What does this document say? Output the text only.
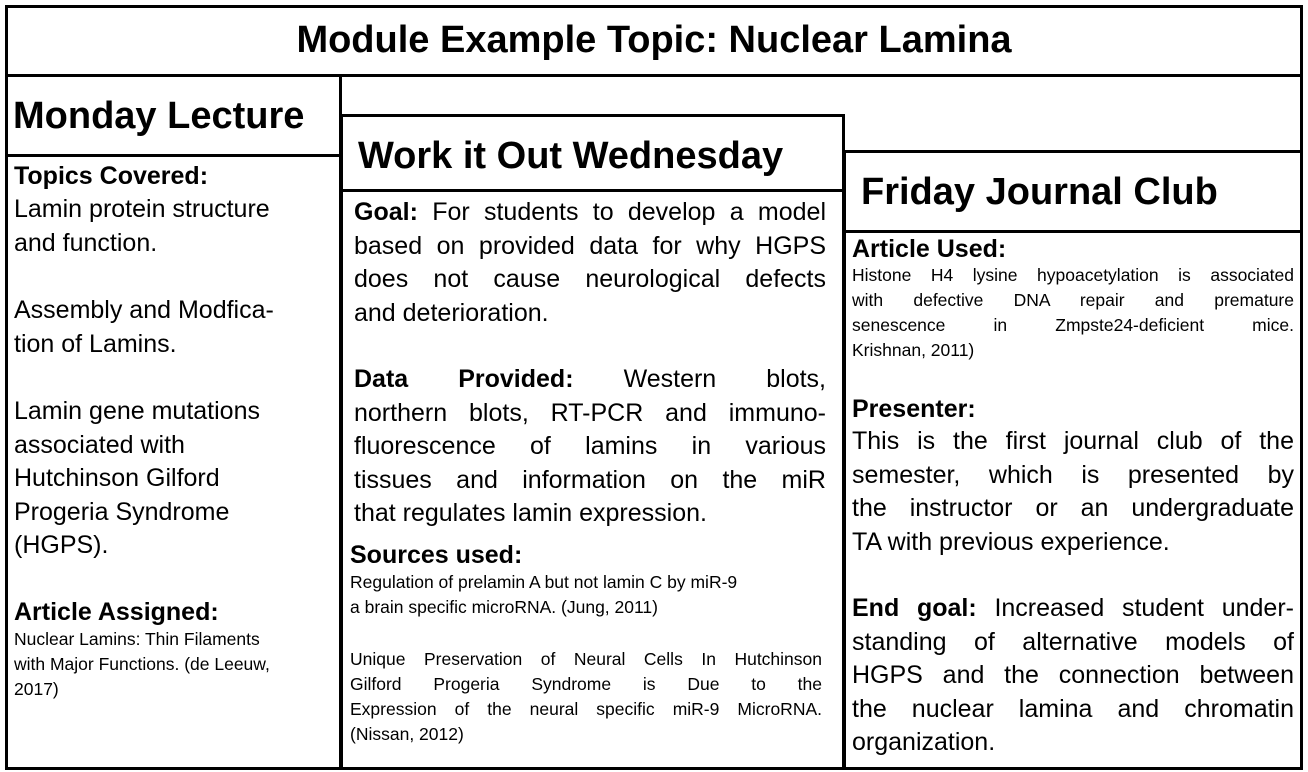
Module Example Topic: Nuclear Lamina
Monday Lecture
Topics Covered:
Lamin protein structure
and function.
Assembly and Modfica-
tion of Lamins.
Lamin gene mutations
associated with
Hutchinson Gilford
Progeria Syndrome
(HGPS).
Article Assigned:
Nuclear Lamins: Thin Filaments
with Major Functions. (de Leeuw,
2017)
Work it Out Wednesday
Goal: For students to develop a model
based on provided data for why HGPS
does not cause neurological defects
and deterioration.
Data Provided: Western blots,
northern blots, RT-PCR and immuno-
fluorescence of lamins in various
tissues and information on the miR
that regulates lamin expression.
Sources used:
Regulation of prelamin A but not lamin C by miR-9
a brain specific microRNA. (Jung, 2011)
Unique Preservation of Neural Cells In Hutchinson
Gilford Progeria Syndrome is Due to the
Expression of the neural specific miR-9 MicroRNA.
(Nissan, 2012)
Friday Journal Club
Article Used:
Histone H4 lysine hypoacetylation is associated
with defective DNA repair and premature
senescence in Zmpste24-deficient mice.
Krishnan, 2011)
Presenter:
This is the first journal club of the
semester, which is presented by
the instructor or an undergraduate
TA with previous experience.
End goal: Increased student under-
standing of alternative models of
HGPS and the connection between
the nuclear lamina and chromatin
organization.
